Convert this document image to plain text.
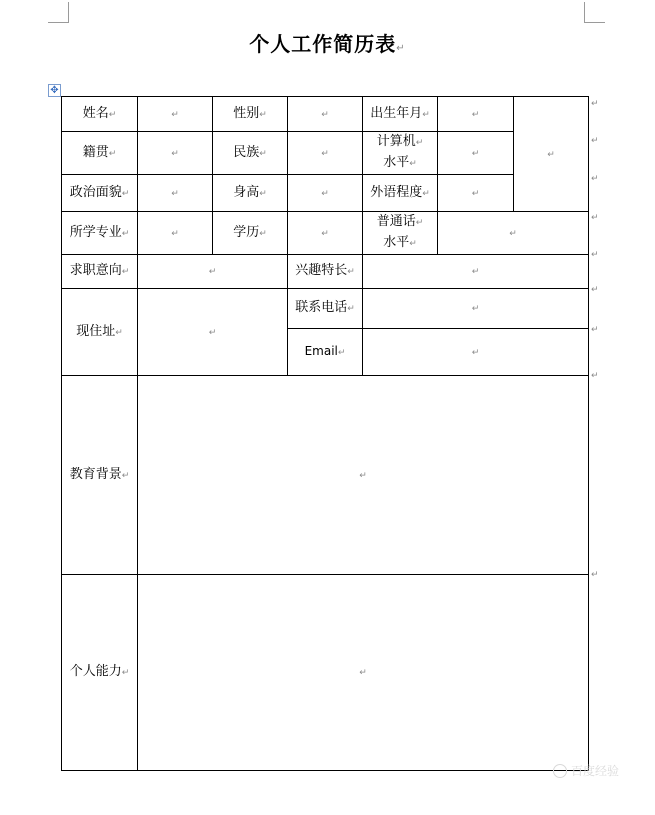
个人工作简历表↵
✥
姓名↵	↵	性别↵	↵	出生年月↵	↵	↵
籍贯↵	↵	民族↵	↵	计算机↵
水平↵	↵	
政治面貌↵	↵	身高↵	↵	外语程度↵	↵	
所学专业↵	↵	学历↵	↵	普通话↵
水平↵	↵	
求职意向↵	↵		兴趣特长↵	↵		
现住址↵	↵		联系电话↵	↵		
			Email↵	↵		
教育背景↵	↵					
个人能力↵	↵					
↵
↵
↵
↵
↵
↵
↵
↵
↵
百度经验
